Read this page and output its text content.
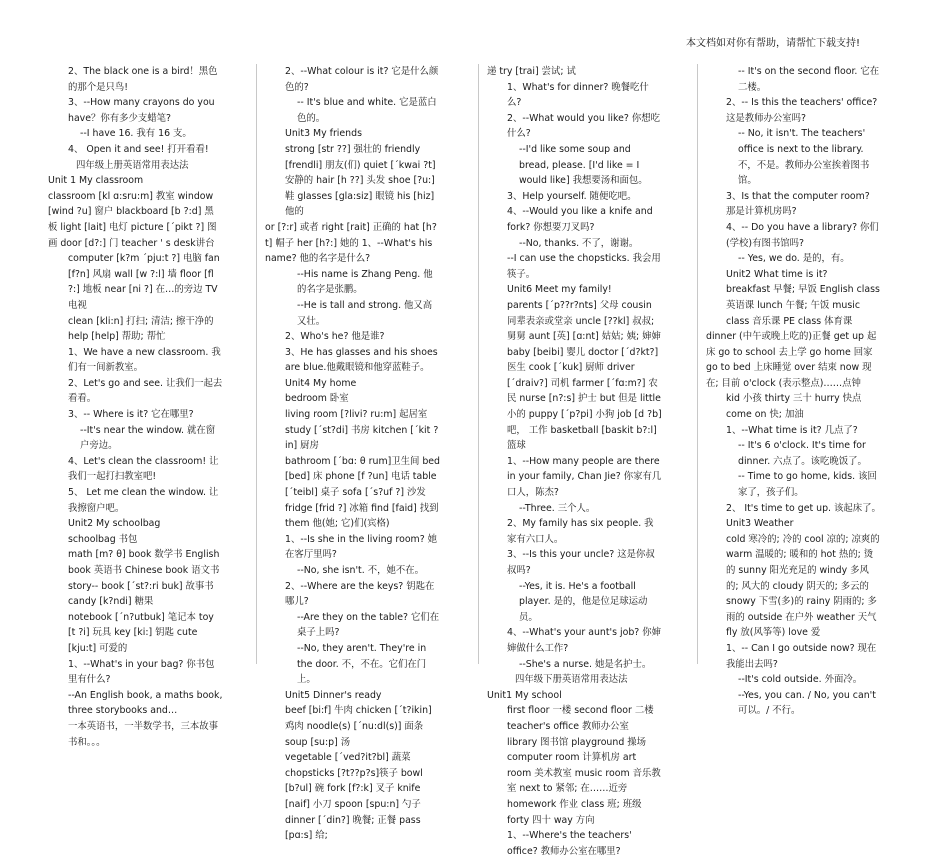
本文档如对你有帮助，请帮忙下载支持!

2、The black one is a bird！黑色的那个是只鸟!

3、--How many crayons do you have？你有多少支蜡笔?

--I have 16. 我有 16 支。

4、 Open it and see! 打开看看!

四年级上册英语常用表达法

Unit 1 My classroom

classroom [kl ɑ:sru:m] 教室 window [wind ?u] 窗户 blackboard [b ?:d] 黑板 light [lait] 电灯 picture [ˊpikt ?] 图画 door [d?:] 门 teacher ' s desk讲台

computer [k?m ˊpju:t ?] 电脑 fan [f?n] 风扇 wall [w ?:l] 墙 floor [fl ?:] 地板 near [ni ?] 在…的旁边 TV 电视

clean [kli:n] 打扫; 清洁; 擦干净的 help [help] 帮助; 帮忙

1、We have a new classroom. 我们有一间新教室。

2、Let's go and see. 让我们一起去看看。

3、-- Where is it? 它在哪里?

--It's near the window. 就在窗户旁边。

4、Let's clean the classroom! 让我们一起打扫教室吧!

5、 Let me clean the window. 让我擦窗户吧。

Unit2 My schoolbag

schoolbag 书包

math [m? θ] book 数学书 English book 英语书 Chinese book 语文书

story-- book [ˊst?:ri buk] 故事书 candy [k?ndi] 糖果

notebook [ˊn?utbuk] 笔记本 toy [t ?i] 玩具 key [ki:] 钥匙 cute [kju:t] 可爱的

1、--What's in your bag? 你书包里有什么?

--An English book, a maths book, three storybooks and…

一本英语书，一半数学书，三本故事书和。。。

2、--What colour is it? 它是什么颜色的?

-- It's blue and white. 它是蓝白色的。

Unit3 My friends

strong [str ??] 强壮的 friendly [frendli] 朋友(们) quiet [ˊkwai ?t] 安静的 hair [h ??] 头发 shoe [?u:] 鞋 glasses [gla:siz] 眼镜 his [hiz] 他的

or [?:r] 或者 right [rait] 正确的 hat [h?t] 帽子 her [h?:] 她的 1、--What's his name? 他的名字是什么?

--His name is Zhang Peng. 他的名字是张鹏。

--He is tall and strong. 他又高又壮。

2、Who's he? 他是谁?

3、He has glasses and his shoes are blue.他戴眼镜和他穿蓝鞋子。

Unit4 My home

bedroom 卧室

living room [?livi? ru:m] 起居室 study [ˊst?di] 书房 kitchen [ˊkit ?in] 厨房

bathroom [ˊbɑ: θ rum]卫生间 bed [bed] 床 phone [f ?un] 电话 table [ˊteibl] 桌子 sofa [ˊs?uf ?] 沙发 fridge [frid ?] 冰箱 find [faid] 找到 them 他(她; 它)们(宾格)

1、--Is she in the living room? 她在客厅里吗?

--No, she isn't. 不，她不在。

2、--Where are the keys? 钥匙在哪儿?

--Are they on the table? 它们在桌子上吗?

--No, they aren't. They're in the door. 不，不在。它们在门上。

Unit5 Dinner's ready

beef [bi:f] 牛肉 chicken [ˊt?ikin] 鸡肉 noodle(s) [ˊnu:dl(s)] 面条 soup [su:p] 汤

vegetable [ˊved?it?bl] 蔬菜 chopsticks [?t??p?s]筷子 bowl [b?ul] 碗 fork [f?:k] 叉子 knife [naif] 小刀 spoon [spu:n] 勺子 dinner [ˊdin?] 晚餐; 正餐 pass [pɑ:s] 给;

递 try [trai] 尝试; 试

1、What's for dinner? 晚餐吃什么?

2、--What would you like? 你想吃什么?

--I'd like some soup and bread, please. [I'd like = I would like] 我想要汤和面包。

3、Help yourself. 随便吃吧。

4、--Would you like a knife and fork? 你想要刀叉吗?

--No, thanks. 不了，谢谢。

--I can use the chopsticks. 我会用筷子。

Unit6 Meet my family!

parents [ˊp??r?nts] 父母 cousin 同辈表亲或堂亲 uncle [??kl] 叔叔; 舅舅 aunt [英] [ɑ:nt] 姑姑; 姨; 婶婶 baby [beibi] 婴儿 doctor [ˊd?kt?] 医生 cook [ˊkuk] 厨师 driver [ˊdraiv?] 司机 farmer [ˊfɑ:m?] 农民 nurse [n?:s] 护士 but 但是 little 小的 puppy [ˊp?pi] 小狗 job [d ?b] 吧， 工作 basketball [baskit b?:l] 篮球

1、--How many people are there in your family, Chan Jie? 你家有几口人，陈杰?

--Three. 三个人。

2、My family has six people. 我家有六口人。

3、--Is this your uncle? 这是你叔叔吗?

--Yes, it is. He's a football player. 是的，他是位足球运动员。

4、--What's your aunt's job? 你婶婶做什么工作?

--She's a nurse. 她是名护士。

四年级下册英语常用表达法

Unit1 My school

first floor 一楼 second floor 二楼 teacher's office 教师办公室 library 图书馆 playground 操场 computer room 计算机房 art room 美术教室 music room 音乐教室 next to 紧邻; 在……近旁 homework 作业 class 班; 班级 forty 四十 way 方向

1、--Where's the teachers' office? 教师办公室在哪里?

-- It's on the second floor. 它在二楼。

2、-- Is this the teachers' office? 这是教师办公室吗?

-- No, it isn't. The teachers' office is next to the library. 不，不是。教师办公室挨着图书馆。

3、Is that the computer room? 那是计算机房吗?

4、-- Do you have a library? 你们(学校)有图书馆吗?

-- Yes, we do. 是的，有。

Unit2 What time is it?

breakfast 早餐; 早饭 English class 英语课 lunch 午餐; 午饭 music class 音乐课 PE class 体育课

dinner (中午或晚上吃的)正餐 get up 起床 go to school 去上学 go home 回家 go to bed 上床睡觉 over 结束 now 现在; 目前 o'clock (表示整点)……点钟

kid 小孩 thirty 三十 hurry 快点 come on 快; 加油

1、--What time is it? 几点了?

-- It's 6 o'clock. It's time for dinner. 六点了。该吃晚饭了。

-- Time to go home, kids. 该回家了，孩子们。

2、 It's time to get up. 该起床了。

Unit3 Weather

cold 寒冷的; 冷的 cool 凉的; 凉爽的 warm 温暖的; 暖和的 hot 热的; 烫的 sunny 阳光充足的 windy 多风的; 风大的 cloudy 阴天的; 多云的 snowy 下雪(多)的 rainy 阴雨的; 多雨的 outside 在户外 weather 天气 fly 放(风筝等) love 爱

1、-- Can I go outside now? 现在我能出去吗?

--It's cold outside. 外面冷。

--Yes, you can. / No, you can't 可以。/ 不行。
